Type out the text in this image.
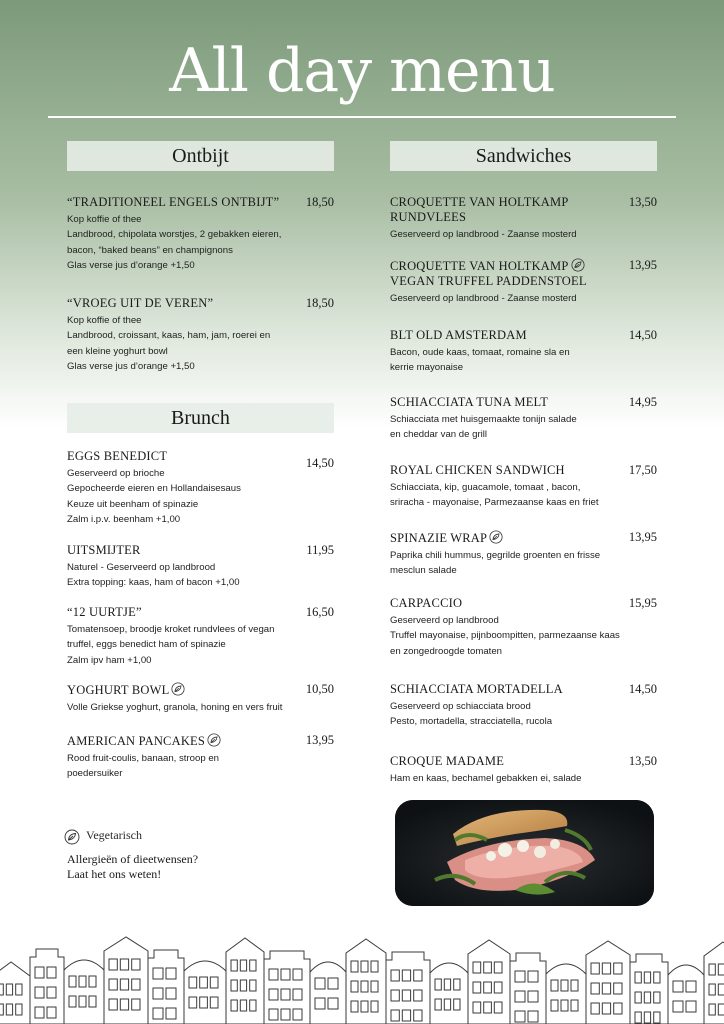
All day menu
Ontbijt
Brunch
Sandwiches
“TRADITIONEEL ENGELS ONTBIJT”
Kop koffie of thee
Landbrood, chipolata worstjes, 2 gebakken eieren,
bacon, “baked beans” en champignons
Glas verse jus d’orange +1,50
18,50
“VROEG UIT DE VEREN”
Kop koffie of thee
Landbrood, croissant, kaas, ham, jam, roerei en
een kleine yoghurt bowl
Glas verse jus d’orange +1,50
18,50
EGGS BENEDICT
Geserveerd op brioche
Gepocheerde eieren en Hollandaisesaus
Keuze uit beenham of spinazie
Zalm i.p.v. beenham +1,00
14,50
UITSMIJTER
Naturel - Geserveerd op landbrood
Extra topping: kaas, ham of bacon +1,00
11,95
“12 UURTJE”
Tomatensoep, broodje kroket rundvlees of vegan
truffel, eggs benedict ham of spinazie
Zalm ipv ham +1,00
16,50
YOGHURT BOWL
Volle Griekse yoghurt, granola, honing en vers fruit
10,50
AMERICAN PANCAKES
Rood fruit-coulis, banaan, stroop en
poedersuiker
13,95
CROQUETTE VAN HOLTKAMP
RUNDVLEES
Geserveerd op landbrood - Zaanse mosterd
13,50
CROQUETTE VAN HOLTKAMP
VEGAN TRUFFEL PADDENSTOEL
Geserveerd op landbrood - Zaanse mosterd
13,95
BLT OLD AMSTERDAM
Bacon, oude kaas, tomaat, romaine sla en
kerrie mayonaise
14,50
SCHIACCIATA TUNA MELT
Schiacciata met huisgemaakte tonijn salade
en cheddar van de grill
14,95
ROYAL CHICKEN SANDWICH
Schiacciata, kip, guacamole, tomaat , bacon,
sriracha - mayonaise, Parmezaanse kaas en friet
17,50
SPINAZIE WRAP
Paprika chili hummus, gegrilde groenten en frisse
mesclun salade
13,95
CARPACCIO
Geserveerd op landbrood
Truffel mayonaise, pijnboompitten, parmezaanse kaas
en zongedroogde tomaten
15,95
SCHIACCIATA MORTADELLA
Geserveerd op schiacciata brood
Pesto, mortadella, stracciatella, rucola
14,50
CROQUE MADAME
Ham en kaas, bechamel gebakken ei, salade
13,50
$^{Vegetarisch}$
Allergieën of dieetwensen?
Laat het ons weten!
